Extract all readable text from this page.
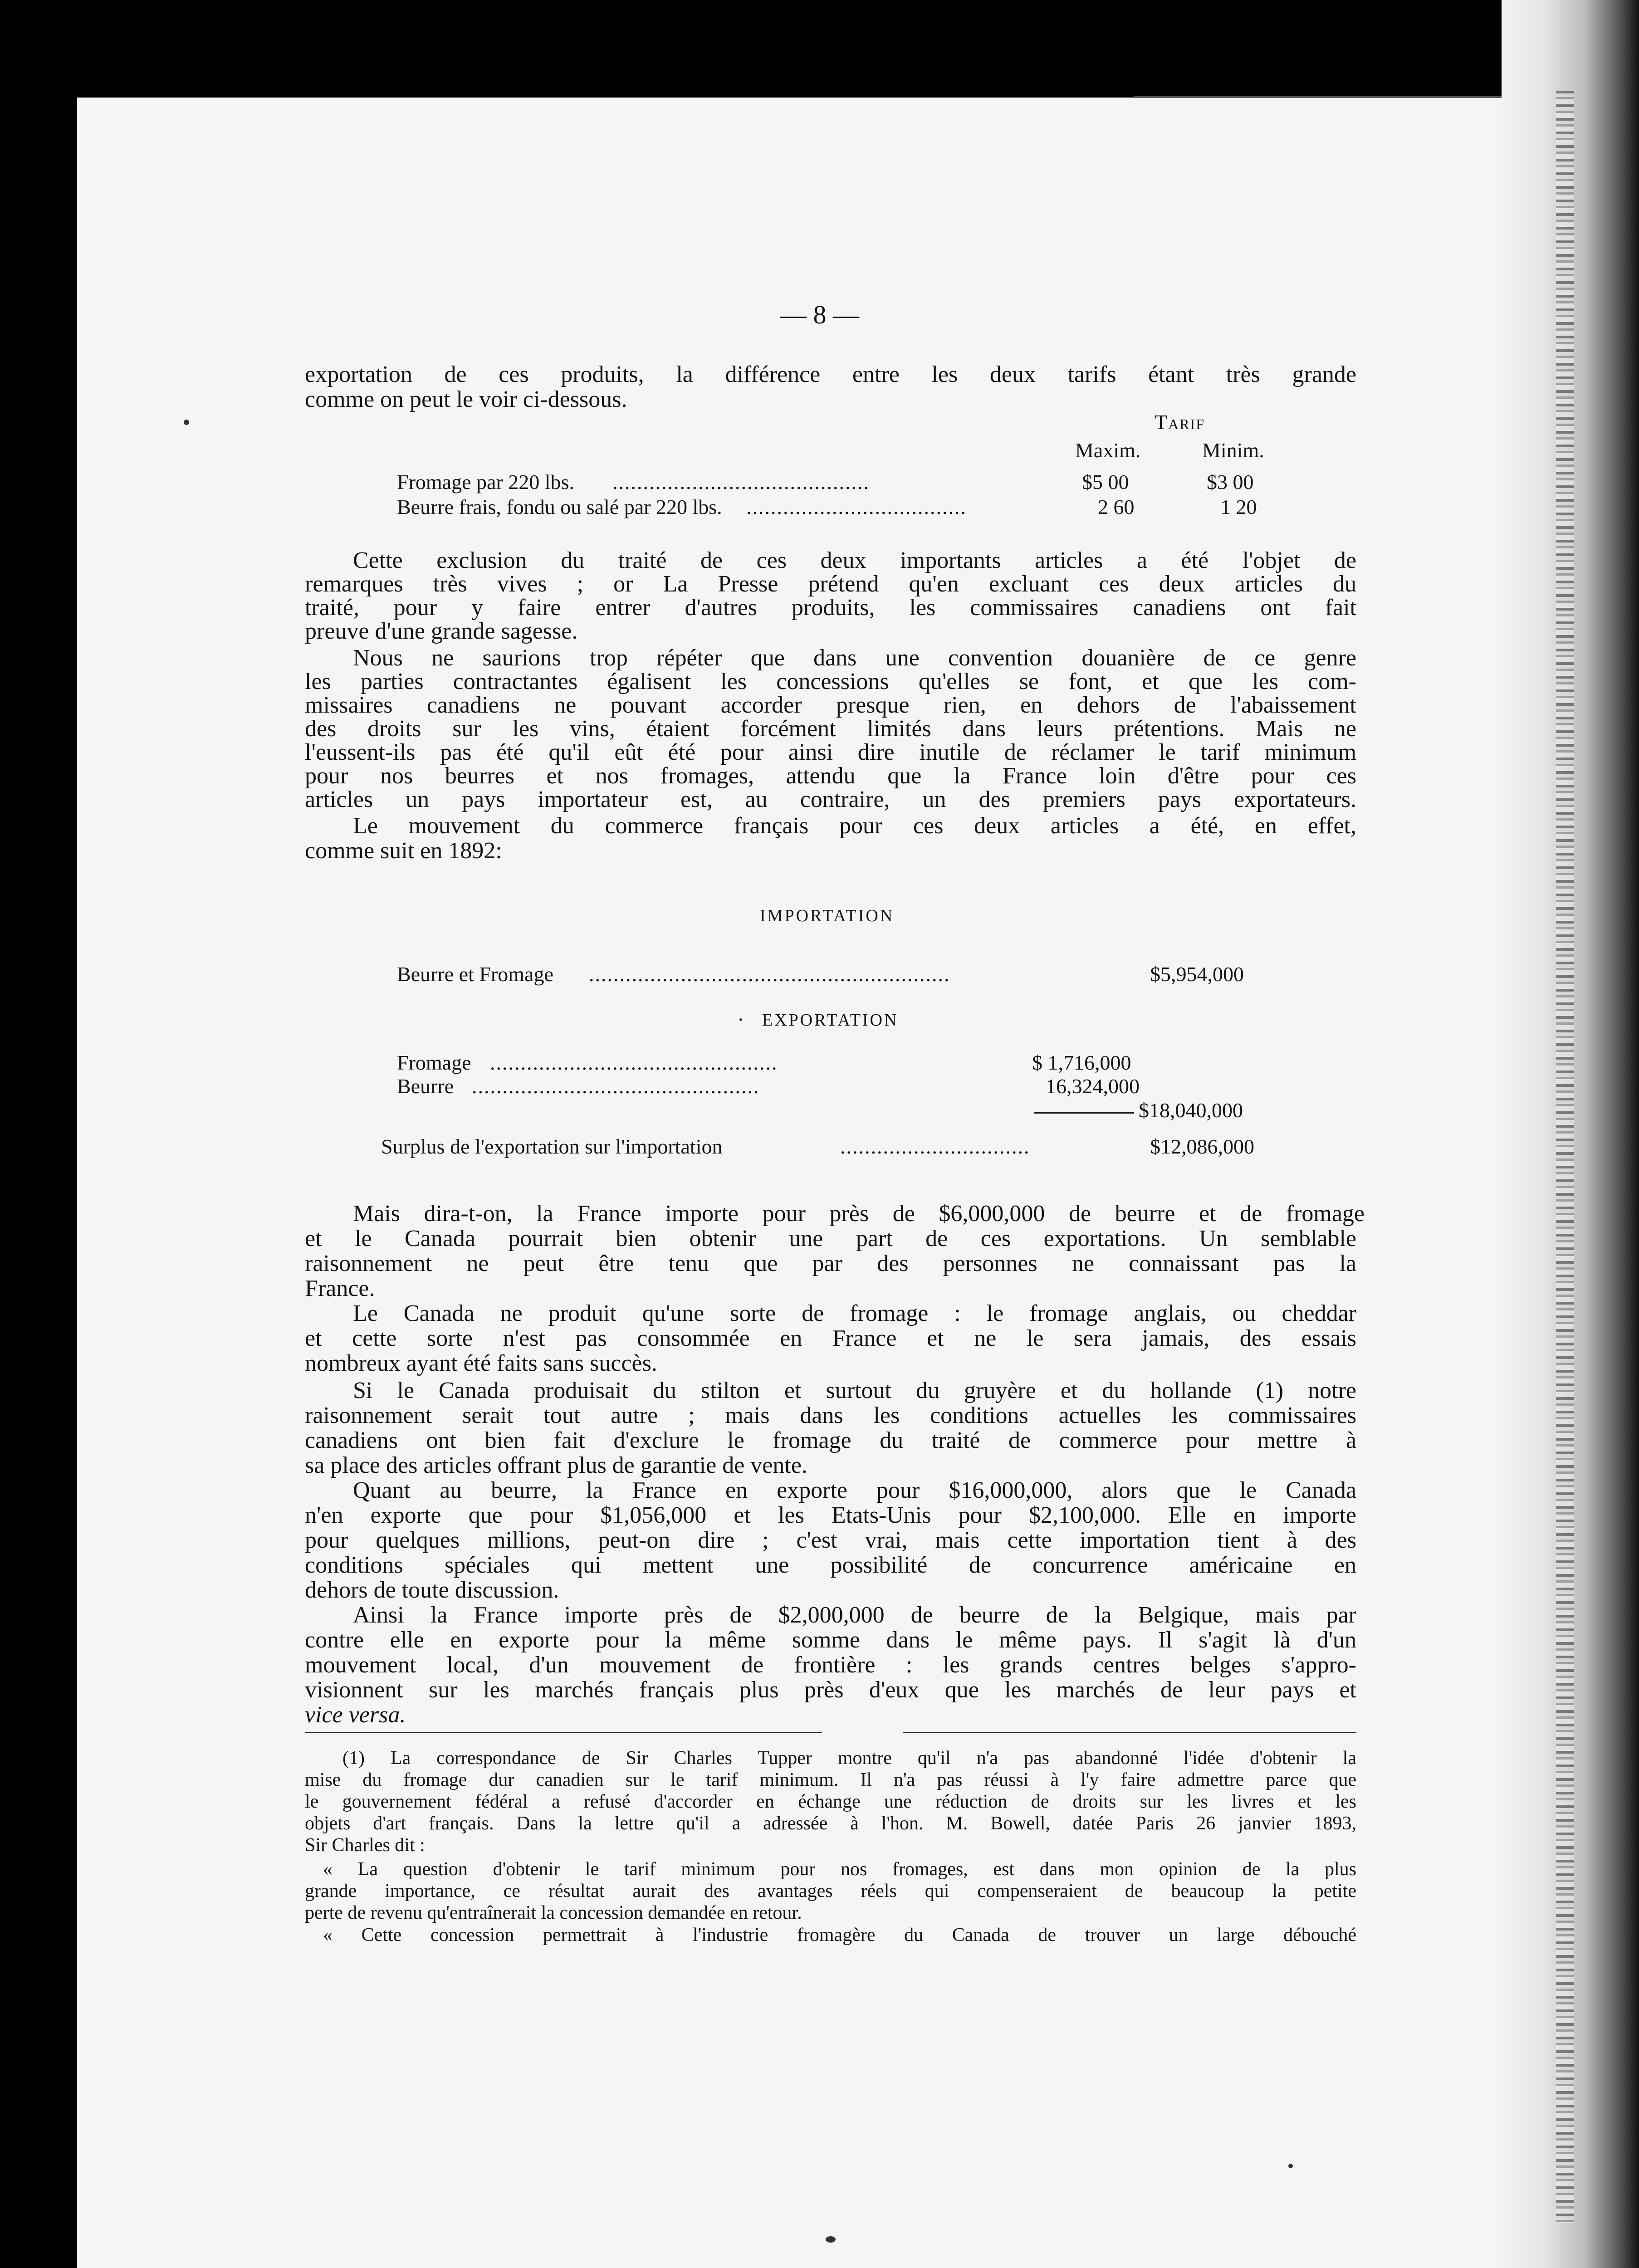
— 8 —
exportation de ces produits, la différence entre les deux tarifs étant très grande
comme on peut le voir ci-dessous.
Tarif
Maxim.	Minim.
Fromage par 220 lbs. ..........................................	$5 00	$3 00
Beurre frais, fondu ou salé par 220 lbs. ....................................	2 60	1 20
Cette exclusion du traité de ces deux importants articles a été l'objet de
remarques très vives ; or La Presse prétend qu'en excluant ces deux articles du
traité, pour y faire entrer d'autres produits, les commissaires canadiens ont fait
preuve d'une grande sagesse.
Nous ne saurions trop répéter que dans une convention douanière de ce genre
les parties contractantes égalisent les concessions qu'elles se font, et que les com-
missaires canadiens ne pouvant accorder presque rien, en dehors de l'abaissement
des droits sur les vins, étaient forcément limités dans leurs prétentions. Mais ne
l'eussent-ils pas été qu'il eût été pour ainsi dire inutile de réclamer le tarif minimum
pour nos beurres et nos fromages, attendu que la France loin d'être pour ces
articles un pays importateur est, au contraire, un des premiers pays exportateurs.
Le mouvement du commerce français pour ces deux articles a été, en effet,
comme suit en 1892:
IMPORTATION
Beurre et Fromage ...........................................................	$5,954,000
EXPORTATION
Fromage ...............................................	$ 1,716,000
Beurre ...............................................	16,324,000
$18,040,000
Surplus de l'exportation sur l'importation	...............................	$12,086,000
Mais dira-t-on, la France importe pour près de $6,000,000 de beurre et de fromage
et le Canada pourrait bien obtenir une part de ces exportations. Un semblable
raisonnement ne peut être tenu que par des personnes ne connaissant pas la
France.
Le Canada ne produit qu'une sorte de fromage : le fromage anglais, ou cheddar
et cette sorte n'est pas consommée en France et ne le sera jamais, des essais
nombreux ayant été faits sans succès.
Si le Canada produisait du stilton et surtout du gruyère et du hollande (1) notre
raisonnement serait tout autre ; mais dans les conditions actuelles les commissaires
canadiens ont bien fait d'exclure le fromage du traité de commerce pour mettre à
sa place des articles offrant plus de garantie de vente.
Quant au beurre, la France en exporte pour $16,000,000, alors que le Canada
n'en exporte que pour $1,056,000 et les Etats-Unis pour $2,100,000. Elle en importe
pour quelques millions, peut-on dire ; c'est vrai, mais cette importation tient à des
conditions spéciales qui mettent une possibilité de concurrence américaine en
dehors de toute discussion.
Ainsi la France importe près de $2,000,000 de beurre de la Belgique, mais par
contre elle en exporte pour la même somme dans le même pays. Il s'agit là d'un
mouvement local, d'un mouvement de frontière : les grands centres belges s'appro-
visionnent sur les marchés français plus près d'eux que les marchés de leur pays et
vice versa.
(1) La correspondance de Sir Charles Tupper montre qu'il n'a pas abandonné l'idée d'obtenir la
mise du fromage dur canadien sur le tarif minimum. Il n'a pas réussi à l'y faire admettre parce que
le gouvernement fédéral a refusé d'accorder en échange une réduction de droits sur les livres et les
objets d'art français. Dans la lettre qu'il a adressée à l'hon. M. Bowell, datée Paris 26 janvier 1893,
Sir Charles dit :
« La question d'obtenir le tarif minimum pour nos fromages, est dans mon opinion de la plus
grande importance, ce résultat aurait des avantages réels qui compenseraient de beaucoup la petite
perte de revenu qu'entraînerait la concession demandée en retour.
« Cette concession permettrait à l'industrie fromagère du Canada de trouver un large débouché
